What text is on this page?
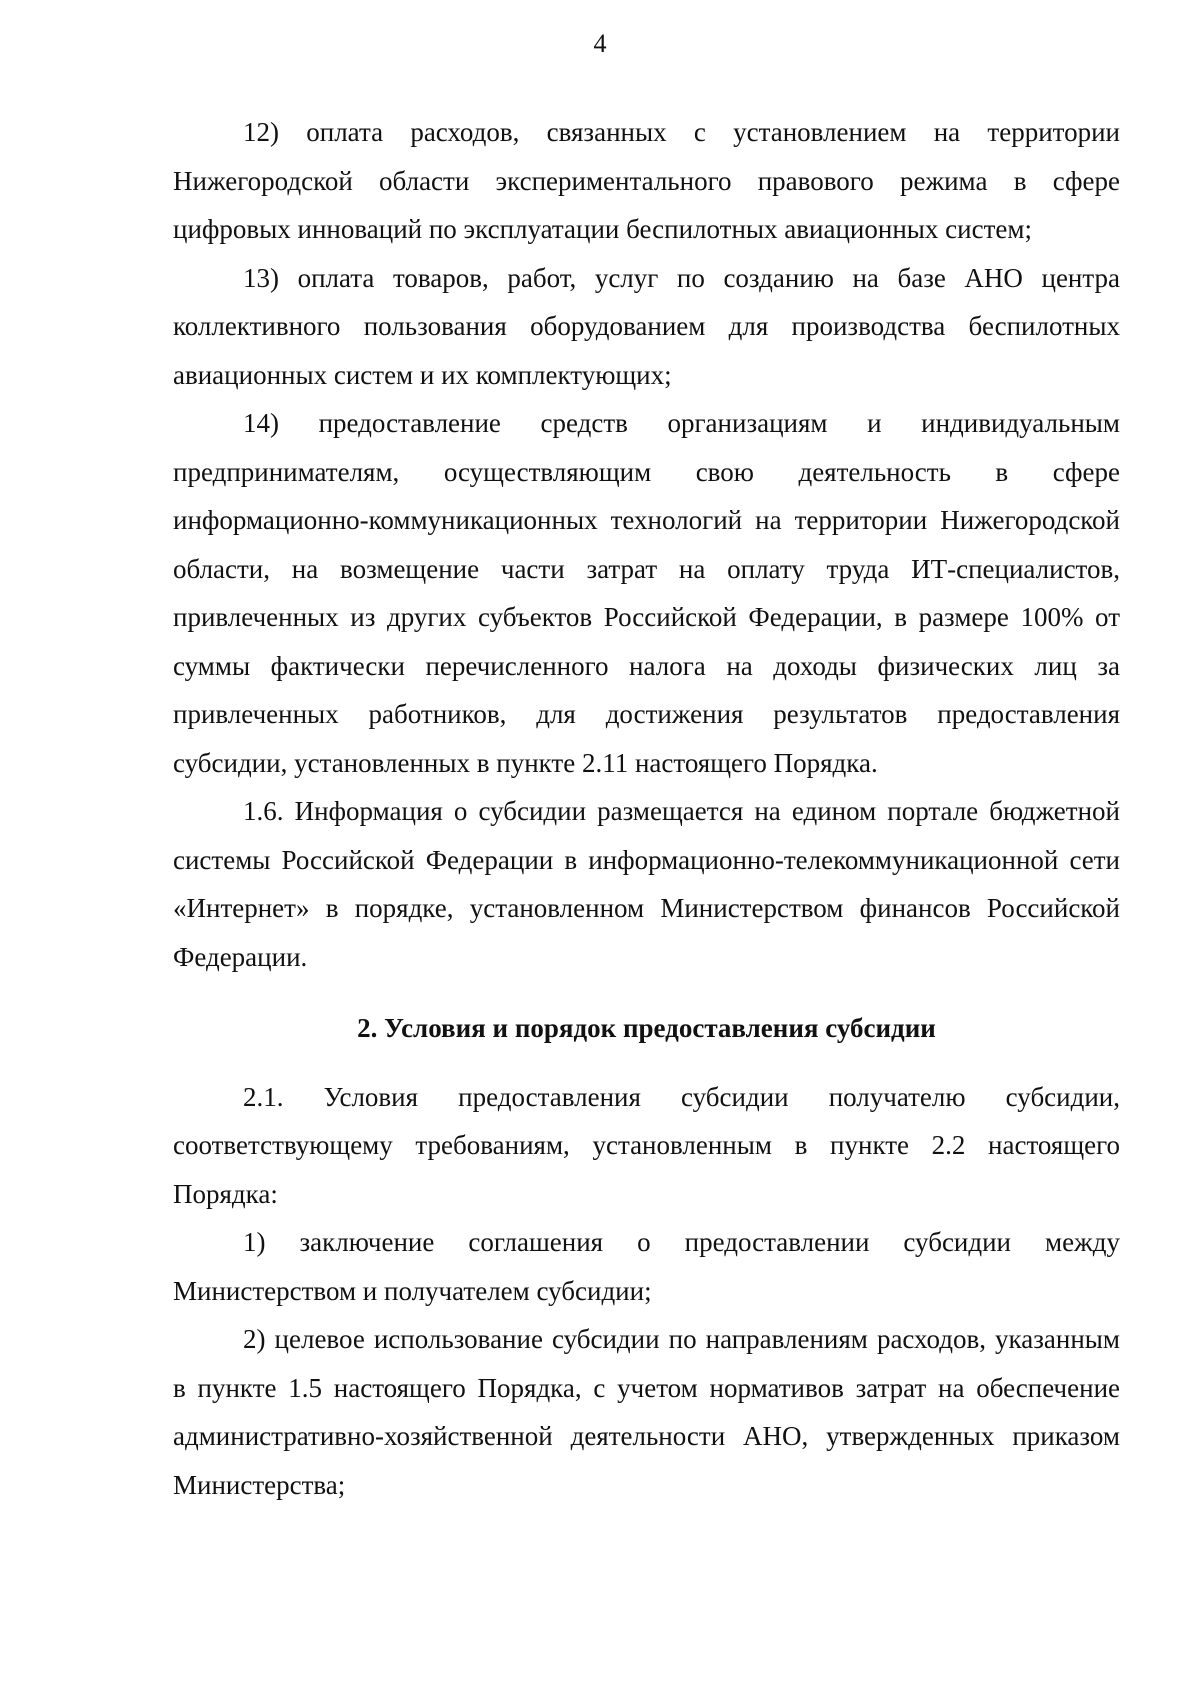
4

12) оплата расходов, связанных с установлением на территории Нижегородской области экспериментального правового режима в сфере цифровых инноваций по эксплуатации беспилотных авиационных систем;

13) оплата товаров, работ, услуг по созданию на базе АНО центра коллективного пользования оборудованием для производства беспилотных авиационных систем и их комплектующих;

14) предоставление средств организациям и индивидуальным предпринимателям, осуществляющим свою деятельность в сфере информационно-коммуникационных технологий на территории Нижегородской области, на возмещение части затрат на оплату труда ИТ-специалистов, привлеченных из других субъектов Российской Федерации, в размере 100% от суммы фактически перечисленного налога на доходы физических лиц за привлеченных работников, для достижения результатов предоставления субсидии, установленных в пункте 2.11 настоящего Порядка.

1.6. Информация о субсидии размещается на едином портале бюджетной системы Российской Федерации в информационно-телекоммуникационной сети «Интернет» в порядке, установленном Министерством финансов Российской Федерации.

2. Условия и порядок предоставления субсидии

2.1. Условия предоставления субсидии получателю субсидии, соответствующему требованиям, установленным в пункте 2.2 настоящего Порядка:

1) заключение соглашения о предоставлении субсидии между Министерством и получателем субсидии;

2) целевое использование субсидии по направлениям расходов, указанным в пункте 1.5 настоящего Порядка, с учетом нормативов затрат на обеспечение административно-хозяйственной деятельности АНО, утвержденных приказом Министерства;
